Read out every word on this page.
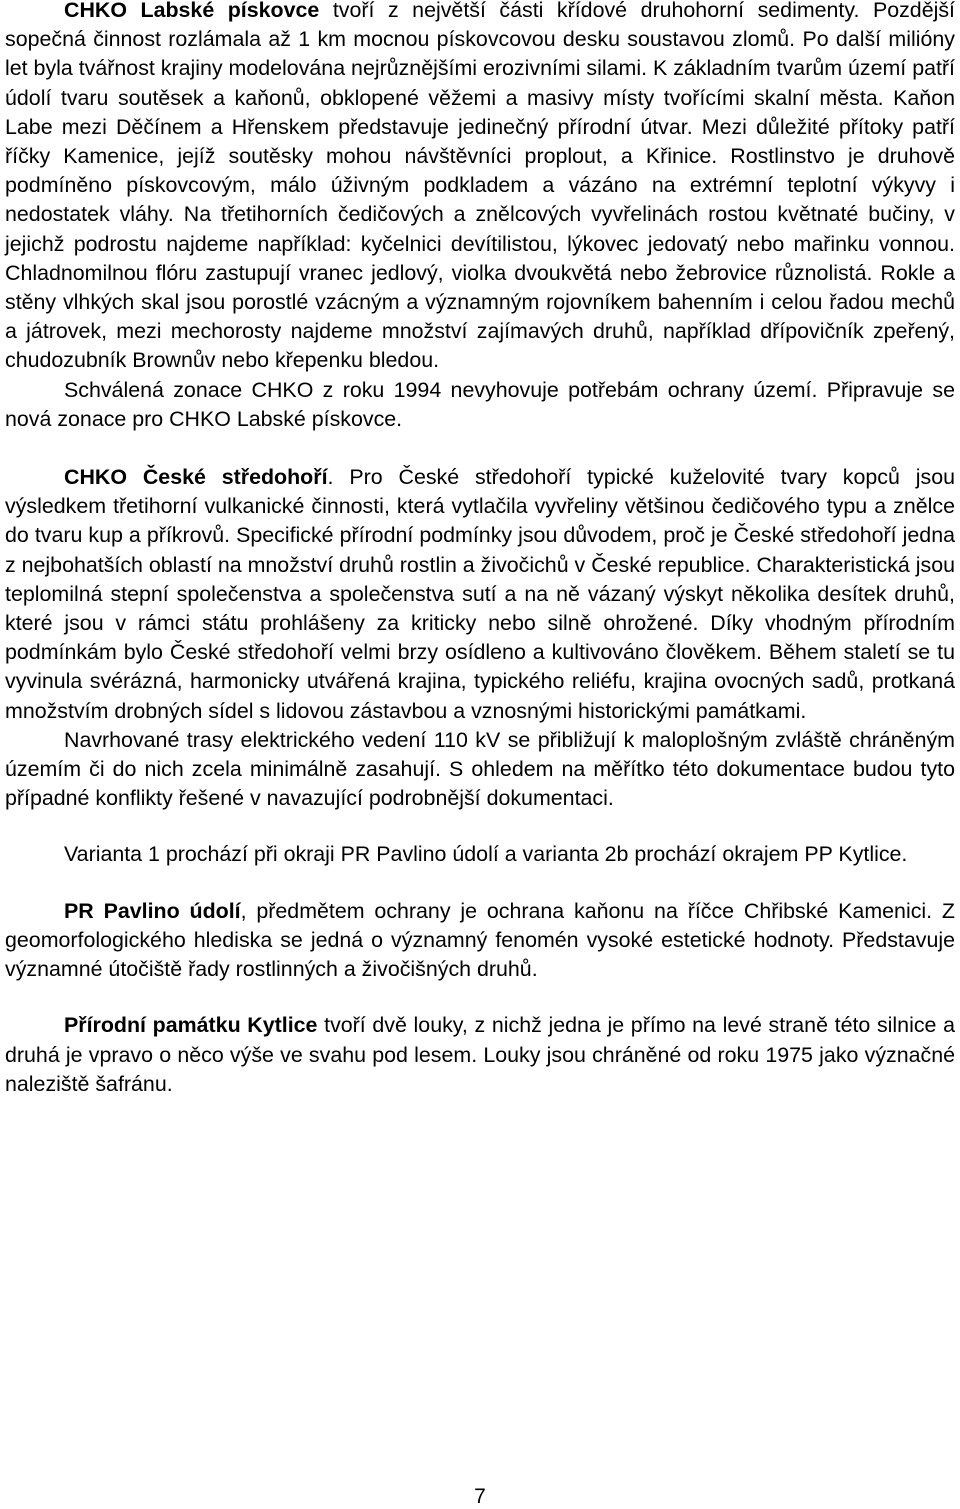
CHKO Labské pískovce tvoří z největší části křídové druhohorní sedimenty. Pozdější sopečná činnost rozlámala až 1 km mocnou pískovcovou desku soustavou zlomů. Po další milióny let byla tvářnost krajiny modelována nejrůznějšími erozivními silami. K základním tvarům území patří údolí tvaru soutěsek a kaňonů, obklopené věžemi a masivy místy tvořícími skalní města. Kaňon Labe mezi Děčínem a Hřenskem představuje jedinečný přírodní útvar. Mezi důležité přítoky patří říčky Kamenice, jejíž soutěsky mohou návštěvníci proplout, a Křinice. Rostlinstvo je druhově podmíněno pískovcovým, málo úživným podkladem a vázáno na extrémní teplotní výkyvy i nedostatek vláhy. Na třetihorních čedičových a znělcových vyvřelinách rostou květnaté bučiny, v jejichž podrostu najdeme například: kyčelnici devítilistou, lýkovec jedovatý nebo mařinku vonnou. Chladnomilnou flóru zastupují vranec jedlový, violka dvoukvětá nebo žebrovice různolistá. Rokle a stěny vlhkých skal jsou porostlé vzácným a významným rojovníkem bahenním i celou řadou mechů a játrovek, mezi mechorosty najdeme množství zajímavých druhů, například dřípovičník zpeřený, chudozubník Brownův nebo křepenku bledou.

Schválená zonace CHKO z roku 1994 nevyhovuje potřebám ochrany území. Připravuje se nová zonace pro CHKO Labské pískovce.

CHKO České středohoří. Pro České středohoří typické kuželovité tvary kopců jsou výsledkem třetihorní vulkanické činnosti, která vytlačila vyvřeliny většinou čedičového typu a znělce do tvaru kup a příkrovů. Specifické přírodní podmínky jsou důvodem, proč je České středohoří jedna z nejbohatších oblastí na množství druhů rostlin a živočichů v České republice. Charakteristická jsou teplomilná stepní společenstva a společenstva sutí a na ně vázaný výskyt několika desítek druhů, které jsou v rámci státu prohlášeny za kriticky nebo silně ohrožené. Díky vhodným přírodním podmínkám bylo České středohoří velmi brzy osídleno a kultivováno člověkem. Během staletí se tu vyvinula svérázná, harmonicky utvářená krajina, typického reliéfu, krajina ovocných sadů, protkaná množstvím drobných sídel s lidovou zástavbou a vznosnými historickými památkami.

Navrhované trasy elektrického vedení 110 kV se přibližují k maloplošným zvláště chráněným územím či do nich zcela minimálně zasahují. S ohledem na měřítko této dokumentace budou tyto případné konflikty řešené v navazující podrobnější dokumentaci.

Varianta 1 prochází při okraji PR Pavlino údolí a varianta 2b prochází okrajem PP Kytlice.

PR Pavlino údolí, předmětem ochrany je ochrana kaňonu na říčce Chřibské Kamenici. Z geomorfologického hlediska se jedná o významný fenomén vysoké estetické hodnoty. Představuje významné útočiště řady rostlinných a živočišných druhů.

Přírodní památku Kytlice tvoří dvě louky, z nichž jedna je přímo na levé straně této silnice a druhá je vpravo o něco výše ve svahu pod lesem. Louky jsou chráněné od roku 1975 jako význačné naleziště šafránu.

7
